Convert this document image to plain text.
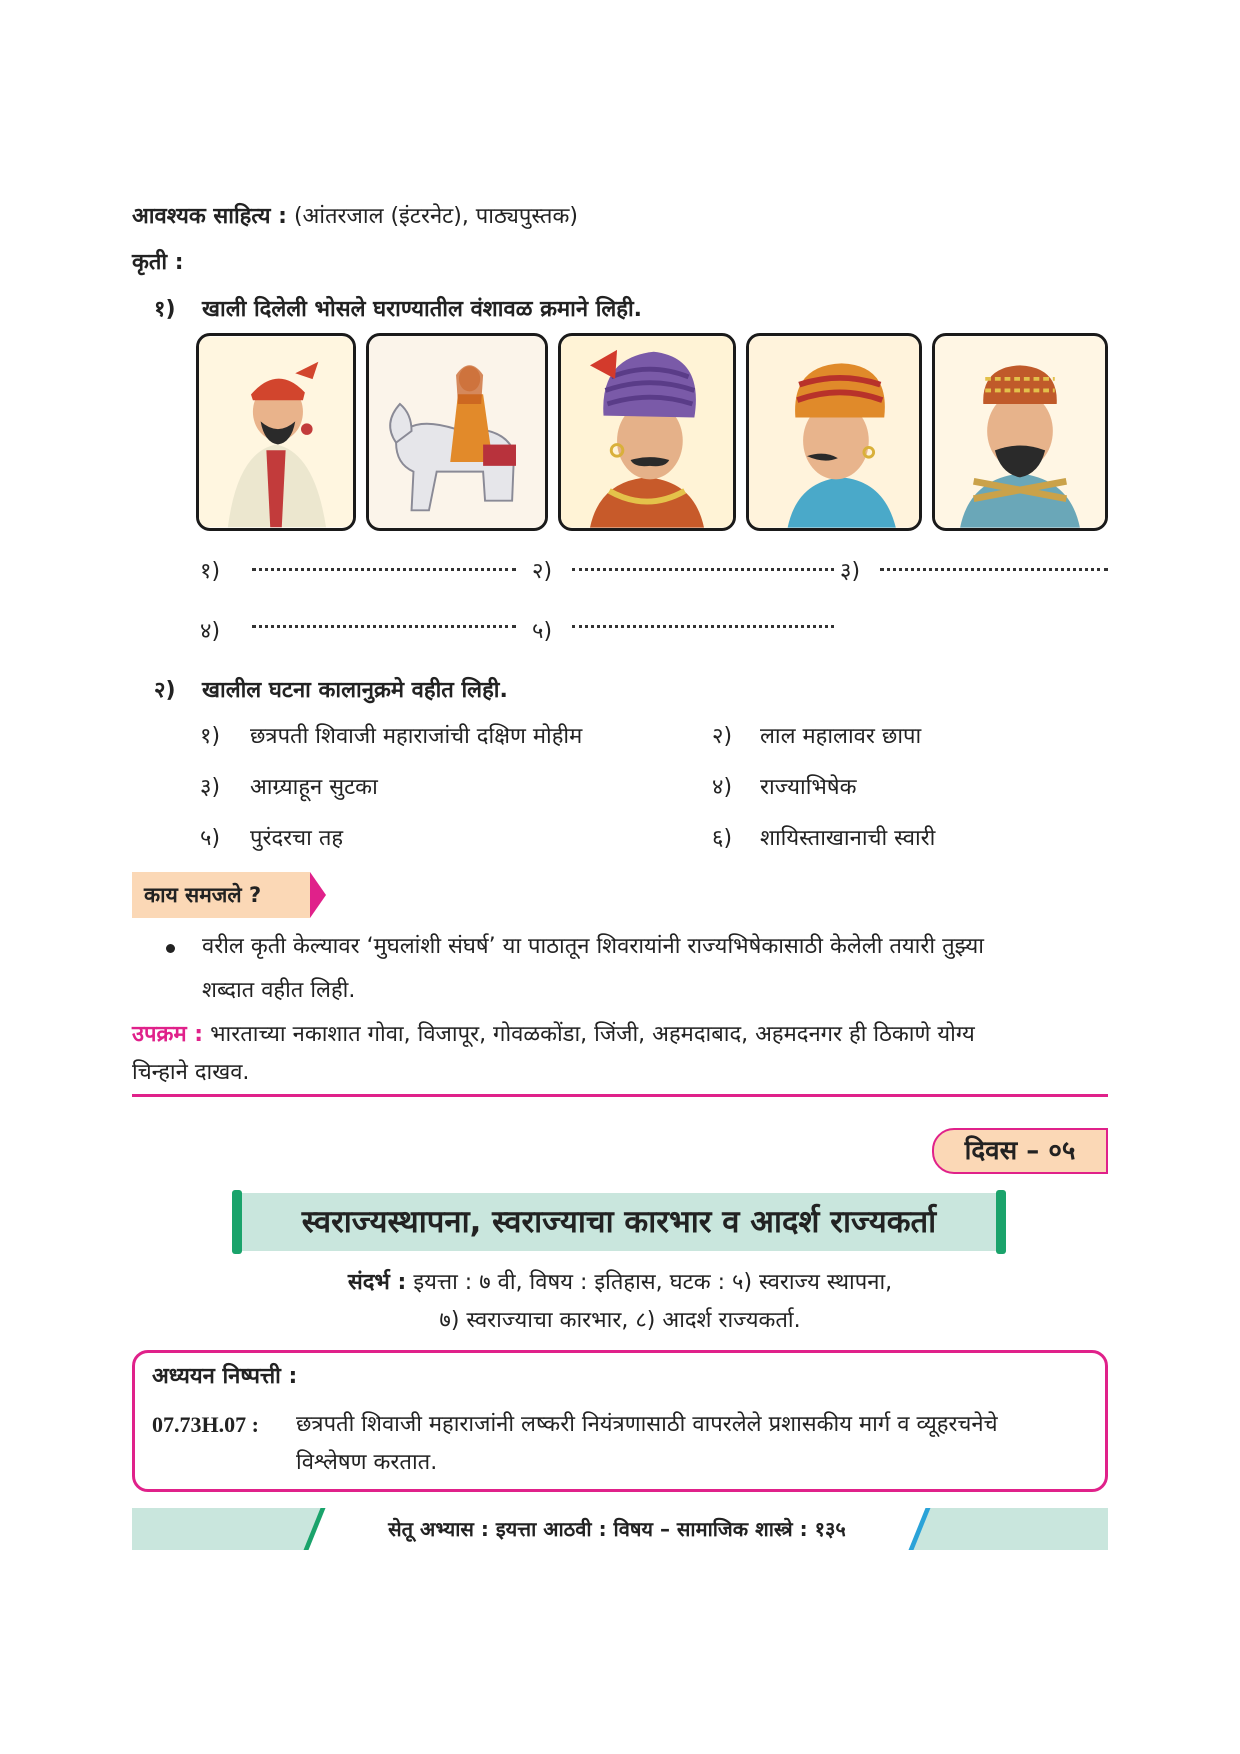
आवश्यक साहित्य : (आंतरजाल (इंटरनेट), पाठ्यपुस्तक)
कृती :
१) खाली दिलेली भोसले घराण्यातील वंशावळ क्रमाने लिही.
१)	२)	३)
४)	५)
२) खालील घटना कालानुक्रमे वहीत लिही.
१) छत्रपती शिवाजी महाराजांची दक्षिण मोहीम	२) लाल महालावर छापा
३) आग्र्याहून सुटका	४) राज्याभिषेक
५) पुरंदरचा तह	६) शायिस्ताखानाची स्वारी
काय समजले ?
वरील कृती केल्यावर ‘मुघलांशी संघर्ष’ या पाठातून शिवरायांनी राज्यभिषेकासाठी केलेली तयारी तुझ्या
शब्दात वहीत लिही.
उपक्रम : भारताच्या नकाशात गोवा, विजापूर, गोवळकोंडा, जिंजी, अहमदाबाद, अहमदनगर ही ठिकाणे योग्य
चिन्हाने दाखव.
दिवस – ०५
स्वराज्यस्थापना, स्वराज्याचा कारभार व आदर्श राज्यकर्ता
संदर्भ : इयत्ता : ७ वी, विषय : इतिहास, घटक : ५) स्वराज्य स्थापना,
७) स्वराज्याचा कारभार, ८) आदर्श राज्यकर्ता.
अध्ययन निष्पत्ती :
07.73H.07 : छत्रपती शिवाजी महाराजांनी लष्करी नियंत्रणासाठी वापरलेले प्रशासकीय मार्ग व व्यूहरचनेचे
विश्लेषण करतात.
सेतू अभ्यास : इयत्ता आठवी : विषय – सामाजिक शास्त्रे : १३५
